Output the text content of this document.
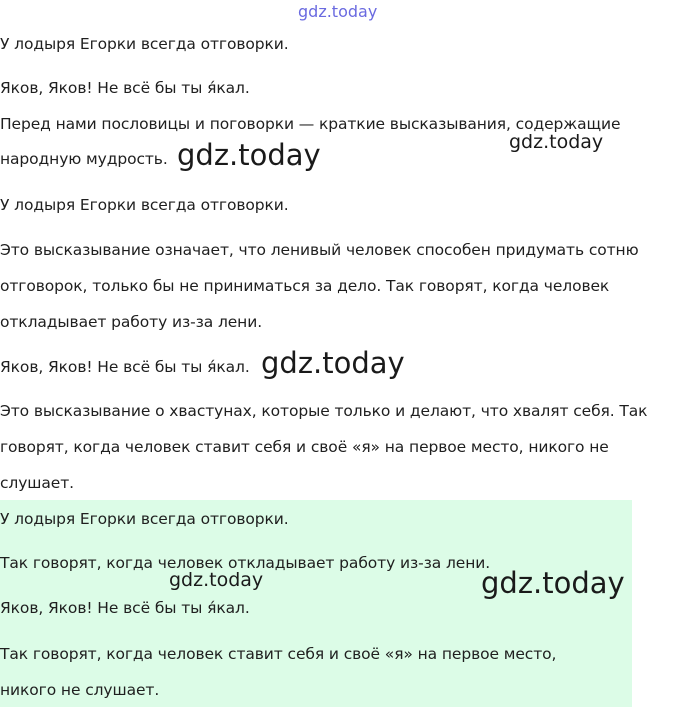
gdz.today

У лодыря Егорки всегда отговорки.

Яков, Яков! Не всё бы ты я́кал.

Перед нами пословицы и поговорки — краткие высказывания, содержащие

народную мудрость. gdz.today	gdz.today

У лодыря Егорки всегда отговорки.

Это высказывание означает, что ленивый человек способен придумать сотню

отговорок, только бы не приниматься за дело. Так говорят, когда человек

откладывает работу из-за лени.

Яков, Яков! Не всё бы ты я́кал. gdz.today

Это высказывание о хвастунах, которые только и делают, что хвалят себя. Так

говорят, когда человек ставит себя и своё «я» на первое место, никого не

слушает.

У лодыря Егорки всегда отговорки.

Так говорят, когда человек откладывает работу из-за лени.

gdz.today	gdz.today

Яков, Яков! Не всё бы ты я́кал.

Так говорят, когда человек ставит себя и своё «я» на первое место,

никого не слушает.
